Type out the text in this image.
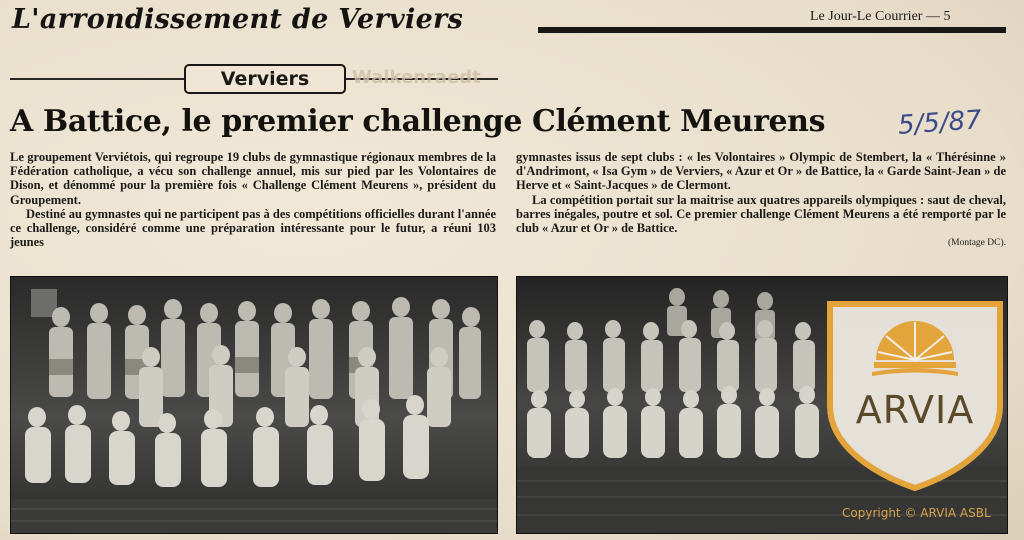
L'arrondissement de Verviers	Le Jour-Le Courrier — 5
Verviers Walkenraedt
A Battice, le premier challenge Clément Meurens	5/5/87

Le groupement Verviétois, qui regroupe 19 clubs de gymnastique régionaux membres de la Fédération catholique, a vécu son challenge annuel, mis sur pied par les Volontaires de Dison, et dénommé pour la première fois « Challenge Clément Meurens », président du Groupement.

Destiné au gymnastes qui ne participent pas à des compétitions officielles durant l'année ce challenge, considéré comme une préparation intéressante pour le futur, a réuni 103 jeunes

gymnastes issus de sept clubs : « les Volontaires » Olympic de Stembert, la « Thérésinne » d'Andrimont, « Isa Gym » de Verviers, « Azur et Or » de Battice, la « Garde Saint-Jean » de Herve et « Saint-Jacques » de Clermont.

La compétition portait sur la maitrise aux quatres appareils olympiques : saut de cheval, barres inégales, poutre et sol. Ce premier challenge Clément Meurens a été remporté par le club « Azur et Or » de Battice.

(Montage DC).
ARVIA
Copyright © ARVIA ASBL
